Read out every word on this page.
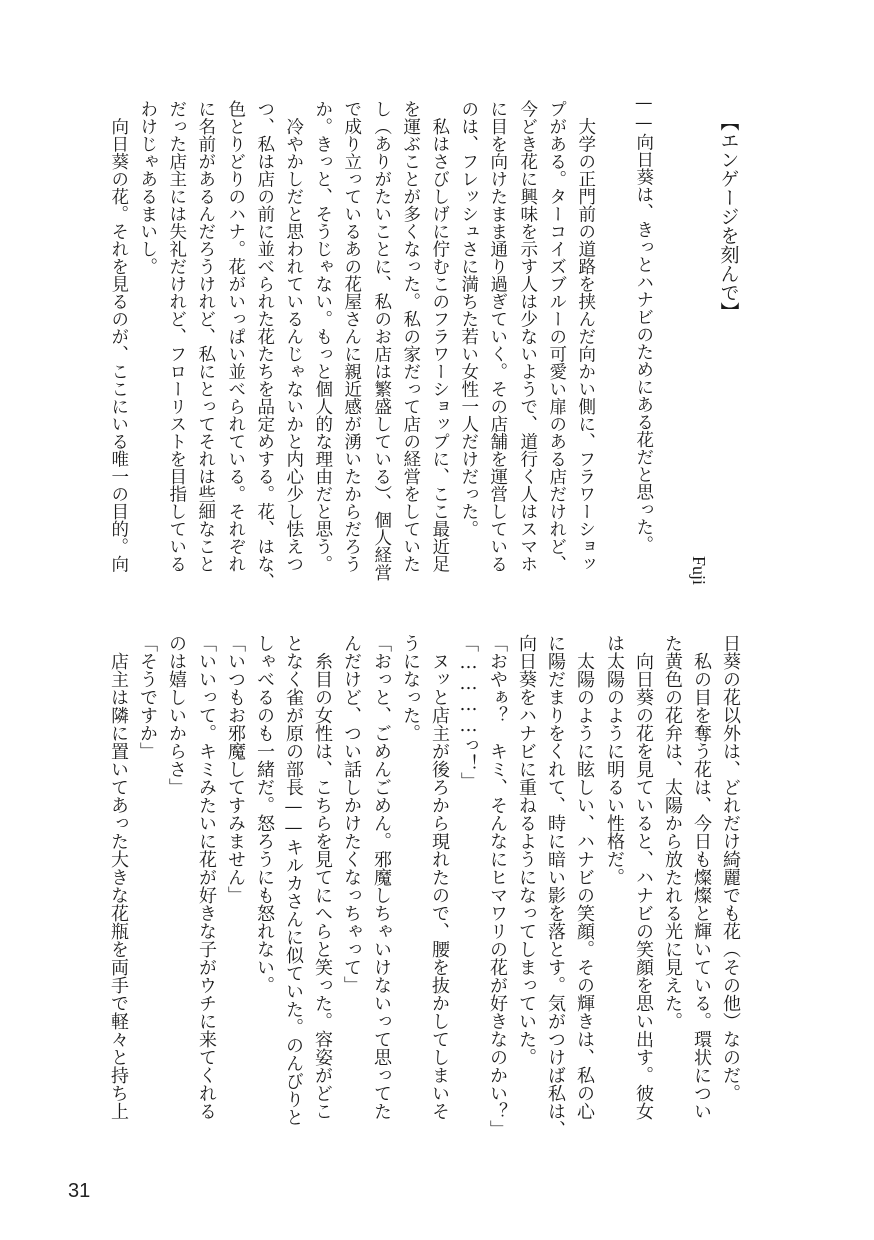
【エンゲージを刻んで】
Fuji
——向日葵は、きっとハナビのためにある花だと思った。
　大学の正門前の道路を挟んだ向かい側に、フラワーショッ
プがある。ターコイズブルーの可愛い扉のある店だけれど、
今どき花に興味を示す人は少ないようで、道行く人はスマホ
に目を向けたまま通り過ぎていく。その店舗を運営している
のは、フレッシュさに満ちた若い女性一人だけだった。
　私はさびしげに佇むこのフラワーショップに、ここ最近足
を運ぶことが多くなった。私の家だって店の経営をしていた
し（ありがたいことに、私のお店は繁盛している）、個人経営
で成り立っているあの花屋さんに親近感が湧いたからだろう
か。きっと、そうじゃない。もっと個人的な理由だと思う。
　冷やかしだと思われているんじゃないかと内心少し怯えつ
つ、私は店の前に並べられた花たちを品定めする。花、はな、
色とりどりのハナ。花がいっぱい並べられている。それぞれ
に名前があるんだろうけれど、私にとってそれは些細なこと
だった店主には失礼だけれど、フローリストを目指している
わけじゃあるまいし。
　向日葵の花。それを見るのが、ここにいる唯一の目的。向
日葵の花以外は、どれだけ綺麗でも花（その他）なのだ。
　私の目を奪う花は、今日も燦燦と輝いている。環状につい
た黄色の花弁は、太陽から放たれる光に見えた。
　向日葵の花を見ていると、ハナビの笑顔を思い出す。彼女
は太陽のように明るい性格だ。
　太陽のように眩しい、ハナビの笑顔。その輝きは、私の心
に陽だまりをくれて、時に暗い影を落とす。気がつけば私は、
向日葵をハナビに重ねるようになってしまっていた。
「おやぁ？　キミ、そんなにヒマワリの花が好きなのかい？」
「…………っ！」
　ヌッと店主が後ろから現れたので、腰を抜かしてしまいそ
うになった。
「おっと、ごめんごめん。邪魔しちゃいけないって思ってた
んだけど、つい話しかけたくなっちゃって」
　糸目の女性は、こちらを見てにへらと笑った。容姿がどこ
となく雀が原の部長——キルカさんに似ていた。のんびりと
しゃべるのも一緒だ。怒ろうにも怒れない。
「いつもお邪魔してすみません」
「いいって。キミみたいに花が好きな子がウチに来てくれる
のは嬉しいからさ」
「そうですか」
　店主は隣に置いてあった大きな花瓶を両手で軽々と持ち上
31
